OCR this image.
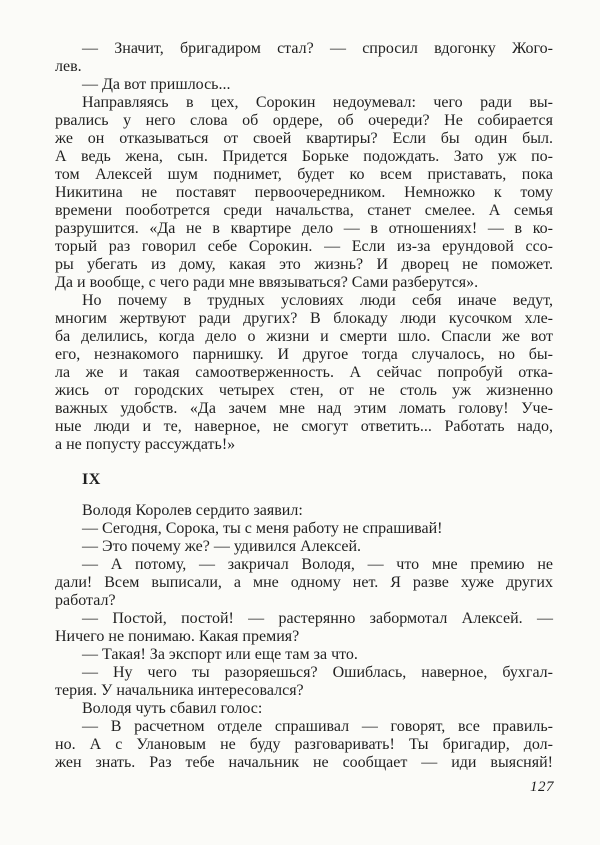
— Значит, бригадиром стал? — спросил вдогонку Жого-
лев.
— Да вот пришлось...
Направляясь в цех, Сорокин недоумевал: чего ради вы-
рвались у него слова об ордере, об очереди? Не собирается
же он отказываться от своей квартиры? Если бы один был.
А ведь жена, сын. Придется Борьке подождать. Зато уж по-
том Алексей шум поднимет, будет ко всем приставать, пока
Никитина не поставят первоочередником. Немножко к тому
времени пооботрется среди начальства, станет смелее. А семья
разрушится. «Да не в квартире дело — в отношениях! — в ко-
торый раз говорил себе Сорокин. — Если из-за ерундовой ссо-
ры убегать из дому, какая это жизнь? И дворец не поможет.
Да и вообще, с чего ради мне ввязываться? Сами разберутся».
Но почему в трудных условиях люди себя иначе ведут,
многим жертвуют ради других? В блокаду люди кусочком хле-
ба делились, когда дело о жизни и смерти шло. Спасли же вот
его, незнакомого парнишку. И другое тогда случалось, но бы-
ла же и такая самоотверженность. А сейчас попробуй отка-
жись от городских четырех стен, от не столь уж жизненно
важных удобств. «Да зачем мне над этим ломать голову! Уче-
ные люди и те, наверное, не смогут ответить... Работать надо,
а не попусту рассуждать!»
IX
Володя Королев сердито заявил:
— Сегодня, Сорока, ты с меня работу не спрашивай!
— Это почему же? — удивился Алексей.
— А потому, — закричал Володя, — что мне премию не
дали! Всем выписали, а мне одному нет. Я разве хуже других
работал?
— Постой, постой! — растерянно забормотал Алексей. —
Ничего не понимаю. Какая премия?
— Такая! За экспорт или еще там за что.
— Ну чего ты разоряешься? Ошиблась, наверное, бухгал-
терия. У начальника интересовался?
Володя чуть сбавил голос:
— В расчетном отделе спрашивал — говорят, все правиль-
но. А с Улановым не буду разговаривать! Ты бригадир, дол-
жен знать. Раз тебе начальник не сообщает — иди выясняй!
127
